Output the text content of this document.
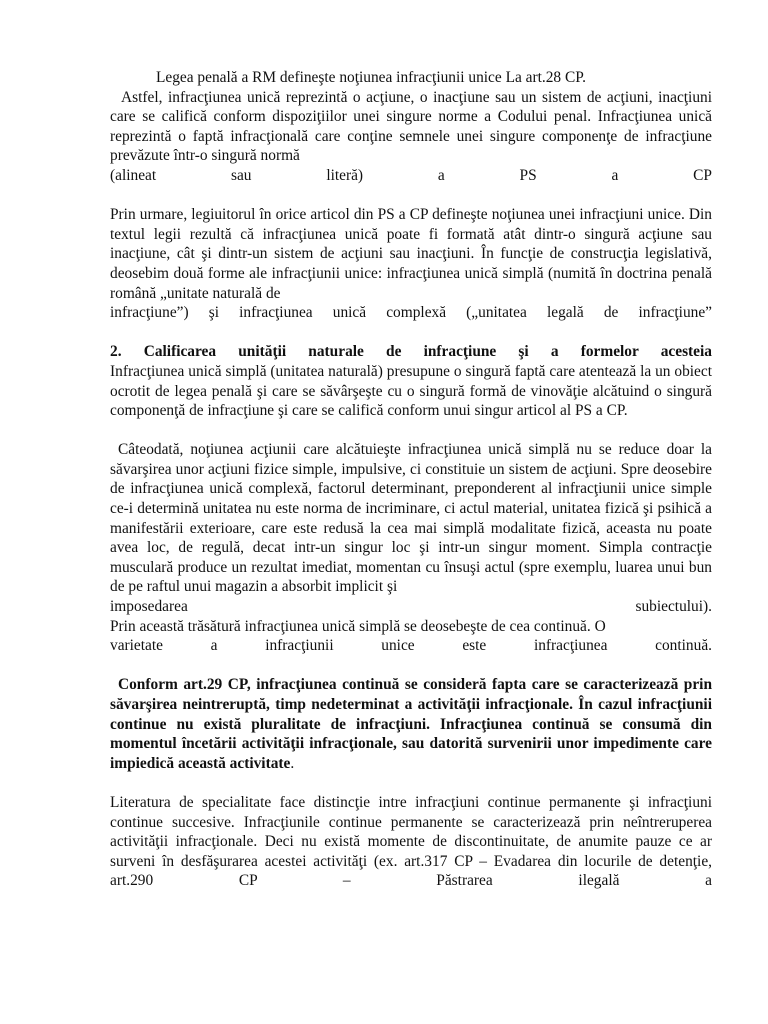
Legea penală a RM defineşte noţiunea infracţiunii unice La art.28 CP.

Astfel, infracţiunea unică reprezintă o acţiune, o inacţiune sau un sistem de acţiuni, inacţiuni care se califică conform dispoziţiilor unei singure norme a Codului penal. Infracţiunea unică reprezintă o faptă infracţională care conţine semnele unei singure componenţe de infracţiune prevăzute într-o singură normă

(alineat sau literă) a PS a CP

Prin urmare, legiuitorul în orice articol din PS a CP defineşte noţiunea unei infracţiuni unice. Din textul legii rezultă că infracţiunea unică poate fi formată atât dintr-o singură acţiune sau inacţiune, cât şi dintr-un sistem de acţiuni sau inacţiuni. În funcţie de construcţia legislativă, deosebim două forme ale infracţiunii unice: infracţiunea unică simplă (numită în doctrina penală română „unitate naturală de

infracţiune”) şi infracţiunea unică complexă („unitatea legală de infracţiune”

2. Calificarea unităţii naturale de infracţiune şi a formelor acesteia

Infracţiunea unică simplă (unitatea naturală) presupune o singură faptă care atentează la un obiect ocrotit de legea penală şi care se săvârşeşte cu o singură formă de vinovăţie alcătuind o singură componenţă de infracţiune şi care se califică conform unui singur articol al PS a CP.

Câteodată, noţiunea acţiunii care alcătuieşte infracţiunea unică simplă nu se reduce doar la săvarşirea unor acţiuni fizice simple, impulsive, ci constituie un sistem de acţiuni. Spre deosebire de infracţiunea unică complexă, factorul determinant, preponderent al infracţiunii unice simple ce-i determină unitatea nu este norma de incriminare, ci actul material, unitatea fizică şi psihică a manifestării exterioare, care este redusă la cea mai simplă modalitate fizică, aceasta nu poate avea loc, de regulă, decat intr-un singur loc şi intr-un singur moment. Simpla contracţie musculară produce un rezultat imediat, momentan cu însuşi actul (spre exemplu, luarea unui bun de pe raftul unui magazin a absorbit implicit şi

imposedarea subiectului).

Prin această trăsătură infracţiunea unică simplă se deosebeşte de cea continuă. O

varietate a infracţiunii unice este infracţiunea continuă.

Conform art.29 CP, infracţiunea continuă se consideră fapta care se caracterizează prin săvarşirea neintreruptă, timp nedeterminat a activităţii infracţionale. În cazul infracţiunii continue nu există pluralitate de infracţiuni. Infracţiunea continuă se consumă din momentul încetării activităţii infracţionale, sau datorită survenirii unor impedimente care impiedică această activitate.

Literatura de specialitate face distincţie intre infracţiuni continue permanente şi infracţiuni continue succesive. Infracţiunile continue permanente se caracterizează prin neîntreruperea activităţii infracţionale. Deci nu există momente de discontinuitate, de anumite pauze ce ar surveni în desfăşurarea acestei activităţi (ex. art.317 CP – Evadarea din locurile de detenţie, art.290 CP – Păstrarea ilegală a
